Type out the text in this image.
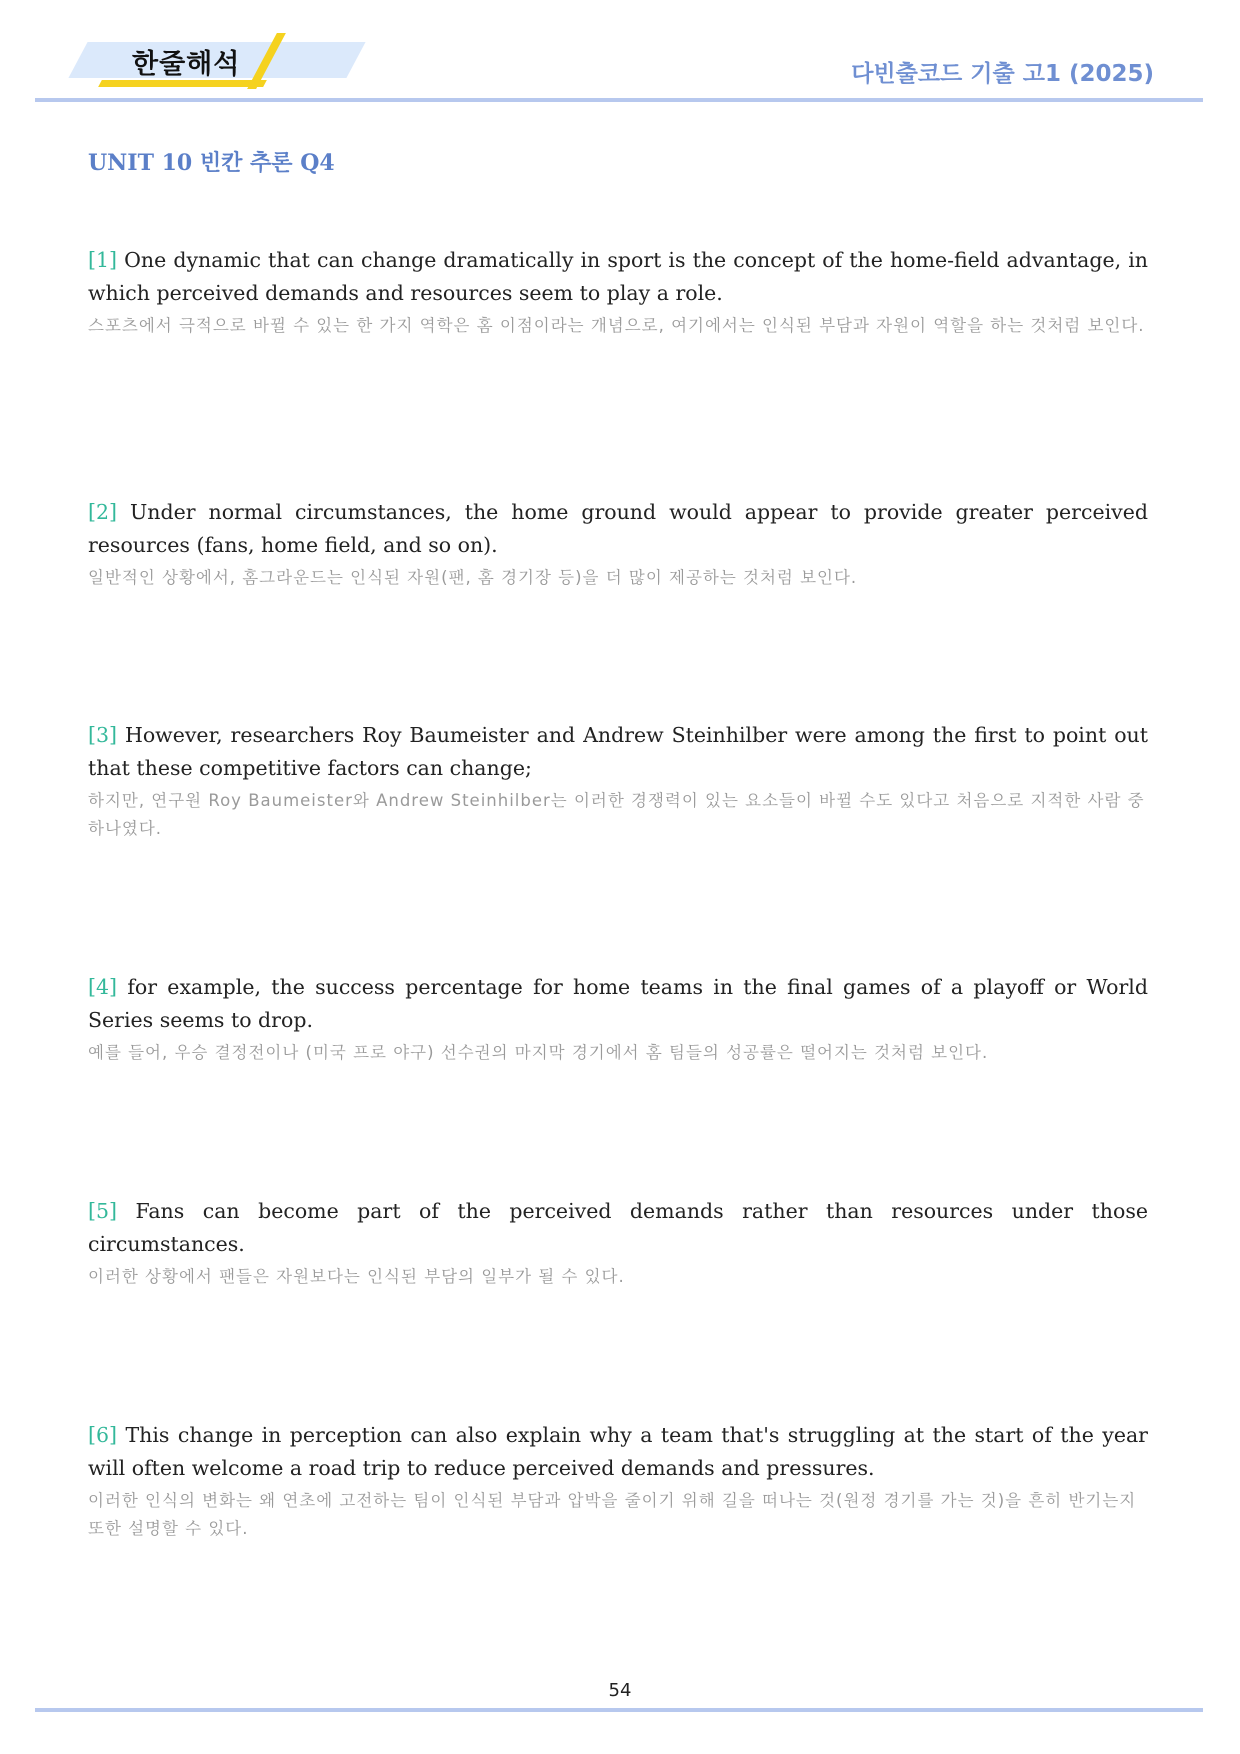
한줄해석	다빈출코드 기출 고1 (2025)
UNIT 10 빈칸 추론 Q4

[1] One dynamic that can change dramatically in sport is the concept of the home-field advantage, in which perceived demands and resources seem to play a role.

스포츠에서 극적으로 바뀔 수 있는 한 가지 역학은 홈 이점이라는 개념으로, 여기에서는 인식된 부담과 자원이 역할을 하는 것처럼 보인다.

[2] Under normal circumstances, the home ground would appear to provide greater perceived resources (fans, home field, and so on).

일반적인 상황에서, 홈그라운드는 인식된 자원(팬, 홈 경기장 등)을 더 많이 제공하는 것처럼 보인다.

[3] However, researchers Roy Baumeister and Andrew Steinhilber were among the first to point out that these competitive factors can change;

하지만, 연구원 Roy Baumeister와 Andrew Steinhilber는 이러한 경쟁력이 있는 요소들이 바뀔 수도 있다고 처음으로 지적한 사람 중 하나였다.

[4] for example, the success percentage for home teams in the final games of a playoff or World Series seems to drop.

예를 들어, 우승 결정전이나 (미국 프로 야구) 선수권의 마지막 경기에서 홈 팀들의 성공률은 떨어지는 것처럼 보인다.

[5] Fans can become part of the perceived demands rather than resources under those circumstances.

이러한 상황에서 팬들은 자원보다는 인식된 부담의 일부가 될 수 있다.

[6] This change in perception can also explain why a team that's struggling at the start of the year will often welcome a road trip to reduce perceived demands and pressures.

이러한 인식의 변화는 왜 연초에 고전하는 팀이 인식된 부담과 압박을 줄이기 위해 길을 떠나는 것(원정 경기를 가는 것)을 흔히 반기는지 또한 설명할 수 있다.

54
